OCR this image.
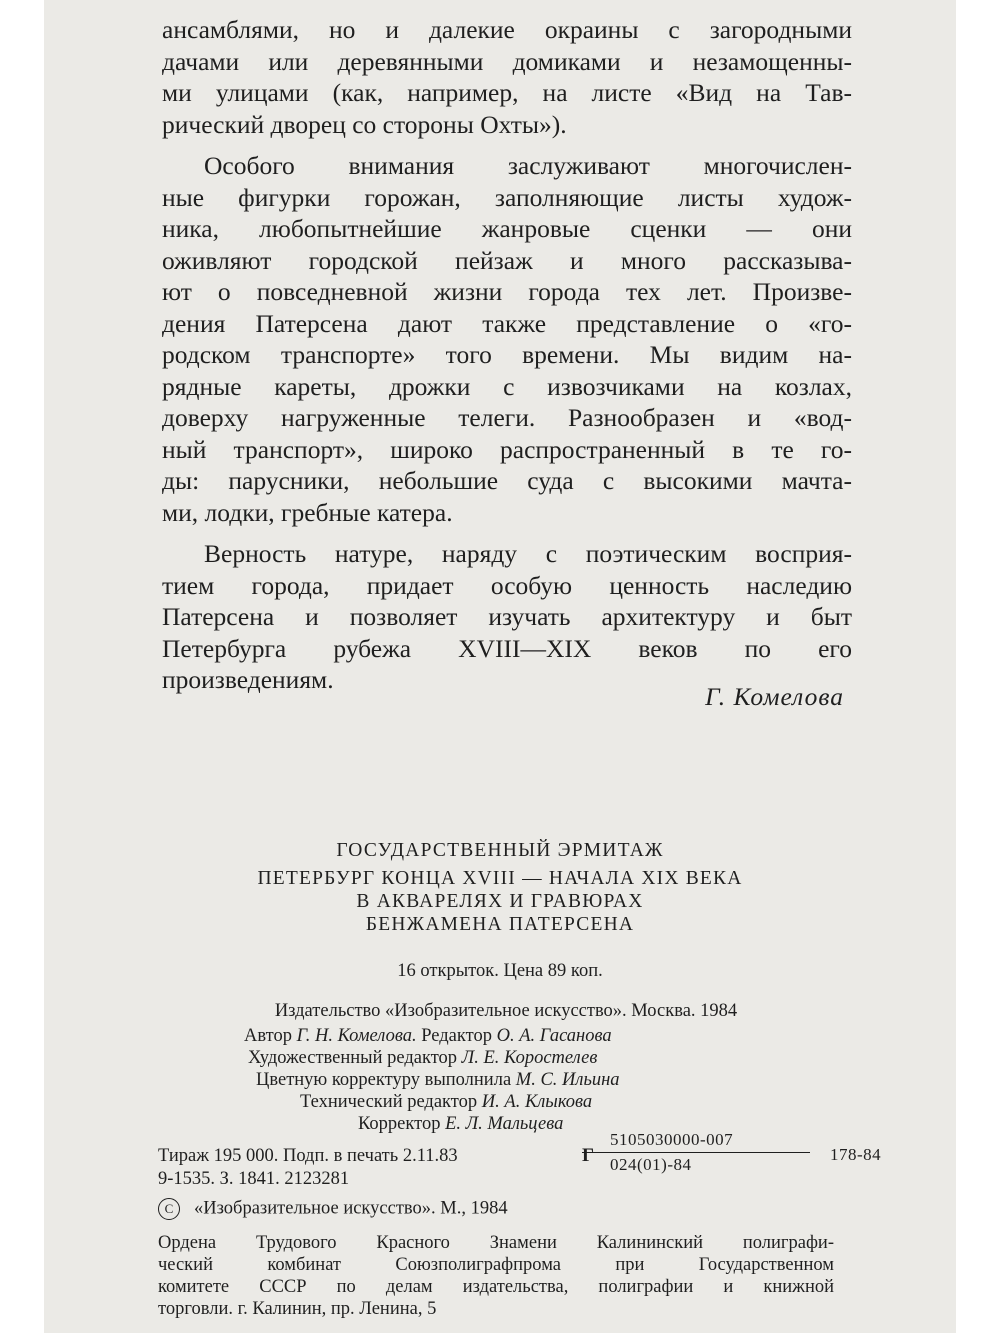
ансамблями, но и далекие окраины с загородными
дачами или деревянными домиками и незамощенны-
ми улицами (как, например, на листе «Вид на Тав-
рический дворец со стороны Охты»).

Особого внимания заслуживают многочислен-
ные фигурки горожан, заполняющие листы худож-
ника, любопытнейшие жанровые сценки — они
оживляют городской пейзаж и много рассказыва-
ют о повседневной жизни города тех лет. Произве-
дения Патерсена дают также представление о «го-
родском транспорте» того времени. Мы видим на-
рядные кареты, дрожки с извозчиками на козлах,
доверху нагруженные телеги. Разнообразен и «вод-
ный транспорт», широко распространенный в те го-
ды: парусники, небольшие суда с высокими мачта-
ми, лодки, гребные катера.

Верность натуре, наряду с поэтическим восприя-
тием города, придает особую ценность наследию
Патерсена и позволяет изучать архитектуру и быт
Петербурга рубежа XVIII—XIX веков по его
произведениям.

Г. Комелова
ГОСУДАРСТВЕННЫЙ ЭРМИТАЖ
ПЕТЕРБУРГ КОНЦА XVIII — НАЧАЛА XIX ВЕКА
В АКВАРЕЛЯХ И ГРАВЮРАХ
БЕНЖАМЕНА ПАТЕРСЕНА
16 открыток. Цена 89 коп.
Издательство «Изобразительное искусство». Москва. 1984
Автор Г. Н. Комелова. Редактор О. А. Гасанова
Художественный редактор Л. Е. Коростелев
Цветную корректуру выполнила М. С. Ильина
Технический редактор И. А. Клыкова
Корректор Е. Л. Мальцева
Тираж 195 000. Подп. в печать 2.11.83
9-1535. З. 1841. 2123281
Г
5105030000-007
024(01)-84
178-84
C «Изобразительное искусство». М., 1984
Ордена Трудового Красного Знамени Калининский полиграфи-
ческий комбинат Союзполиграфпрома при Государственном
комитете СССР по делам издательства, полиграфии и книжной
торговли. г. Калинин, пр. Ленина, 5
